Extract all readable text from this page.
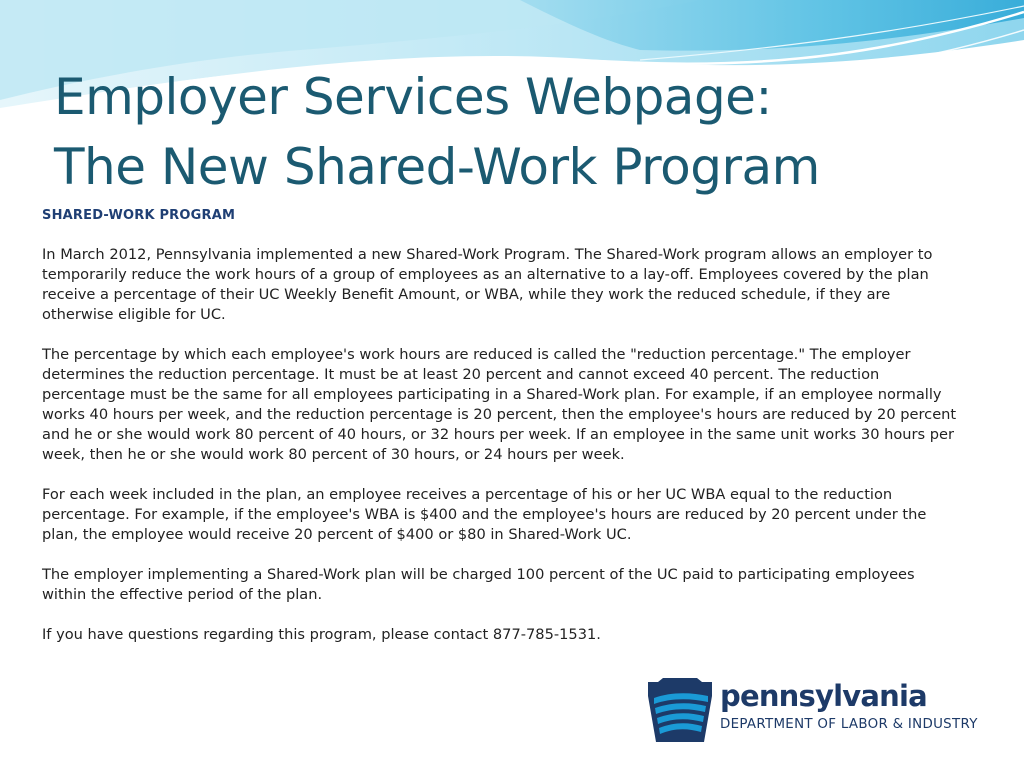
Employer Services Webpage:
The New Shared-Work Program
SHARED-WORK PROGRAM

In March 2012, Pennsylvania implemented a new Shared-Work Program. The Shared-Work program allows an employer to temporarily reduce the work hours of a group of employees as an alternative to a lay-off. Employees covered by the plan receive a percentage of their UC Weekly Benefit Amount, or WBA, while they work the reduced schedule, if they are otherwise eligible for UC.

The percentage by which each employee's work hours are reduced is called the "reduction percentage." The employer determines the reduction percentage. It must be at least 20 percent and cannot exceed 40 percent. The reduction percentage must be the same for all employees participating in a Shared-Work plan. For example, if an employee normally works 40 hours per week, and the reduction percentage is 20 percent, then the employee's hours are reduced by 20 percent and he or she would work 80 percent of 40 hours, or 32 hours per week. If an employee in the same unit works 30 hours per week, then he or she would work 80 percent of 30 hours, or 24 hours per week.

For each week included in the plan, an employee receives a percentage of his or her UC WBA equal to the reduction percentage. For example, if the employee's WBA is $400 and the employee's hours are reduced by 20 percent under the plan, the employee would receive 20 percent of $400 or $80 in Shared-Work UC.

The employer implementing a Shared-Work plan will be charged 100 percent of the UC paid to participating employees within the effective period of the plan.

If you have questions regarding this program, please contact 877-785-1531.

pennsylvania
DEPARTMENT OF LABOR & INDUSTRY
